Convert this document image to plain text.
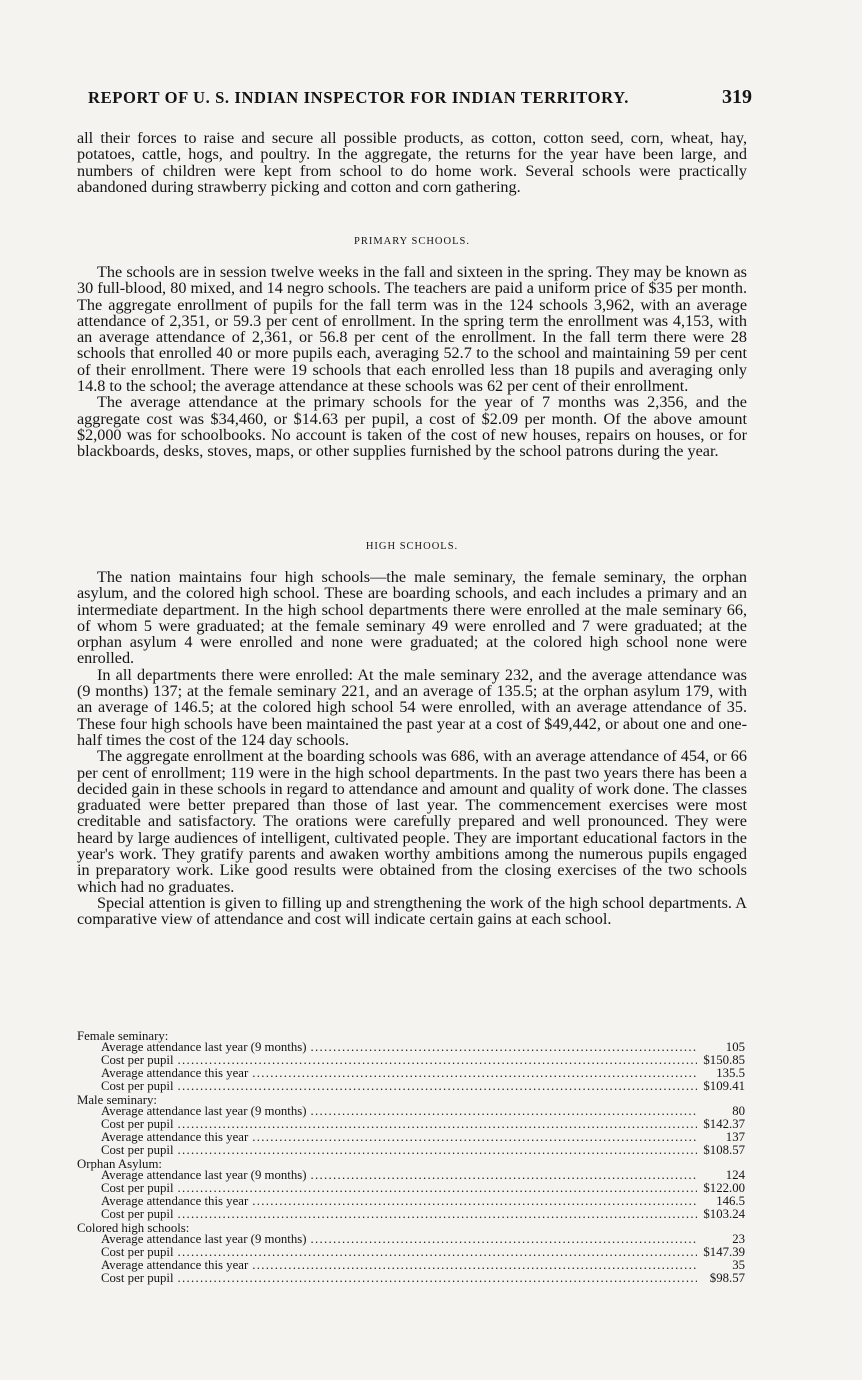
REPORT OF U. S. INDIAN INSPECTOR FOR INDIAN TERRITORY.	319

all their forces to raise and secure all possible products, as cotton, cotton seed, corn, wheat, hay, potatoes, cattle, hogs, and poultry. In the aggregate, the returns for the year have been large, and numbers of children were kept from school to do home work. Several schools were practically abandoned during strawberry picking and cotton and corn gathering.

PRIMARY SCHOOLS.

The schools are in session twelve weeks in the fall and sixteen in the spring. They may be known as 30 full-blood, 80 mixed, and 14 negro schools. The teachers are paid a uniform price of $35 per month. The aggregate enrollment of pupils for the fall term was in the 124 schools 3,962, with an average attendance of 2,351, or 59.3 per cent of enrollment. In the spring term the enrollment was 4,153, with an average attendance of 2,361, or 56.8 per cent of the enrollment. In the fall term there were 28 schools that enrolled 40 or more pupils each, averaging 52.7 to the school and maintaining 59 per cent of their enrollment. There were 19 schools that each enrolled less than 18 pupils and averaging only 14.8 to the school; the average attendance at these schools was 62 per cent of their enrollment.

The average attendance at the primary schools for the year of 7 months was 2,356, and the aggregate cost was $34,460, or $14.63 per pupil, a cost of $2.09 per month. Of the above amount $2,000 was for schoolbooks. No account is taken of the cost of new houses, repairs on houses, or for blackboards, desks, stoves, maps, or other supplies furnished by the school patrons during the year.

HIGH SCHOOLS.

The nation maintains four high schools—the male seminary, the female seminary, the orphan asylum, and the colored high school. These are boarding schools, and each includes a primary and an intermediate department. In the high school departments there were enrolled at the male seminary 66, of whom 5 were graduated; at the female seminary 49 were enrolled and 7 were graduated; at the orphan asylum 4 were enrolled and none were graduated; at the colored high school none were enrolled.

In all departments there were enrolled: At the male seminary 232, and the average attendance was (9 months) 137; at the female seminary 221, and an average of 135.5; at the orphan asylum 179, with an average of 146.5; at the colored high school 54 were enrolled, with an average attendance of 35. These four high schools have been maintained the past year at a cost of $49,442, or about one and one-half times the cost of the 124 day schools.

The aggregate enrollment at the boarding schools was 686, with an average attendance of 454, or 66 per cent of enrollment; 119 were in the high school departments. In the past two years there has been a decided gain in these schools in regard to attendance and amount and quality of work done. The classes graduated were better prepared than those of last year. The commencement exercises were most creditable and satisfactory. The orations were carefully prepared and well pronounced. They were heard by large audiences of intelligent, cultivated people. They are important educational factors in the year's work. They gratify parents and awaken worthy ambitions among the numerous pupils engaged in preparatory work. Like good results were obtained from the closing exercises of the two schools which had no graduates.

Special attention is given to filling up and strengthening the work of the high school departments. A comparative view of attendance and cost will indicate certain gains at each school.

Female seminary:
Average attendance last year (9 months) .....	105
Cost per pupil .....	$150.85
Average attendance this year .....	135.5
Cost per pupil .....	$109.41
Male seminary:
Average attendance last year (9 months) .....	80
Cost per pupil .....	$142.37
Average attendance this year .....	137
Cost per pupil .....	$108.57
Orphan Asylum:
Average attendance last year (9 months) .....	124
Cost per pupil .....	$122.00
Average attendance this year .....	146.5
Cost per pupil .....	$103.24
Colored high schools:
Average attendance last year (9 months) .....	23
Cost per pupil .....	$147.39
Average attendance this year .....	35
Cost per pupil .....	$98.57
